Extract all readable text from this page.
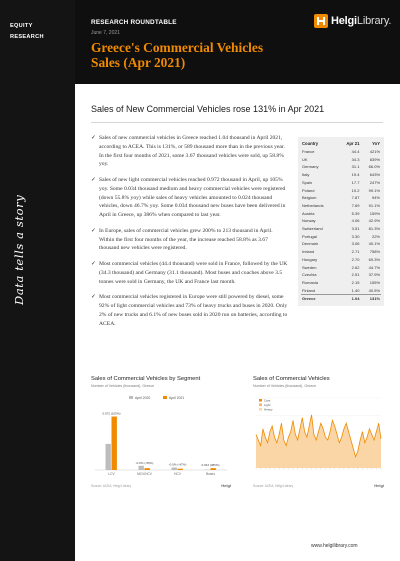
EQUITY
RESEARCH
Data tells a story
RESEARCH ROUNDTABLE
June 7, 2021
Greece's Commercial Vehicles Sales (Apr 2021)
HelgiLibrary.
Sales of New Commercial Vehicles rose 131% in Apr 2021
✓ Sales of new commercial vehicles in Greece reached 1.04 thousand in April 2021, according to ACEA. This is 131%, or 589 thousand more than in the previous year. In the first four months of 2021, some 3.67 thousand vehicles were sold, up 58.8% yoy.
✓ Sales of new light commercial vehicles reached 0.972 thousand in April, up 105% yoy. Some 0.034 thousand medium and heavy commercial vehicles were registered (down 55.8% yoy) while sales of heavy vehicles amounted to 0.024 thousand vehicles, down 46.7% yoy. Some 0.034 thousand new buses have been delivered in April in Greece, up 386% when compared to last year.
✓ In Europe, sales of commercial vehicles grew 200% to 213 thousand in April. Within the first four months of the year, the increase reached 58.8% as 3.67 thousand new vehicles were registered.
✓ Most commercial vehicles (44.4 thousand) were sold in France, followed by the UK (34.3 thousand) and Germany (31.1 thousand). Most buses and coaches above 3.5 tonnes were sold in Germany, the UK and France last month.
✓ Most commercial vehicles registered in Europe were still powered by diesel, some 92% of light commercial vehicles and 73% of heavy trucks and buses in 2020. Only 2% of new trucks and 6.1% of new buses sold in 2020 run on batteries, according to ACEA.
Country	Apr 21	YoY
France	44.4	421%
UK	34.3	839%
Germany	31.1	66.0%
Italy	19.4	643%
Spain	17.7	247%
Poland	10.2	99.1%
Belgium	7.87	94%
Netherlands	7.69	91.1%
Austria	5.39	159%
Norway	4.06	42.9%
Switzerland	3.51	81.3%
Portugal	3.30	22%
Denmark	3.06	40.1%
Ireland	2.71	758%
Hungary	2.70	69.3%
Sweden	2.62	44.7%
Czechia	2.51	37.9%
Romania	2.15	155%
Finland	1.40	40.5%
Greece	1.04	131%
Sales of Commercial Vehicles by Segment
Number of Vehicles (thousand), Greece
April 2020	April 2021
0.972 (105%)
LCV
-0.0% (-56%)
MCV/HCV
-0.0% (-47%)
HCV
0.034 (386%)
Buses
Source: ACEA, Helgi Library	Helgi
Sales of Commercial Vehicles
Number of Vehicles (thousand), Greece
Cars
Light
Heavy
Source: ACEA, Helgi Library	Helgi
www.helgilibrary.com
